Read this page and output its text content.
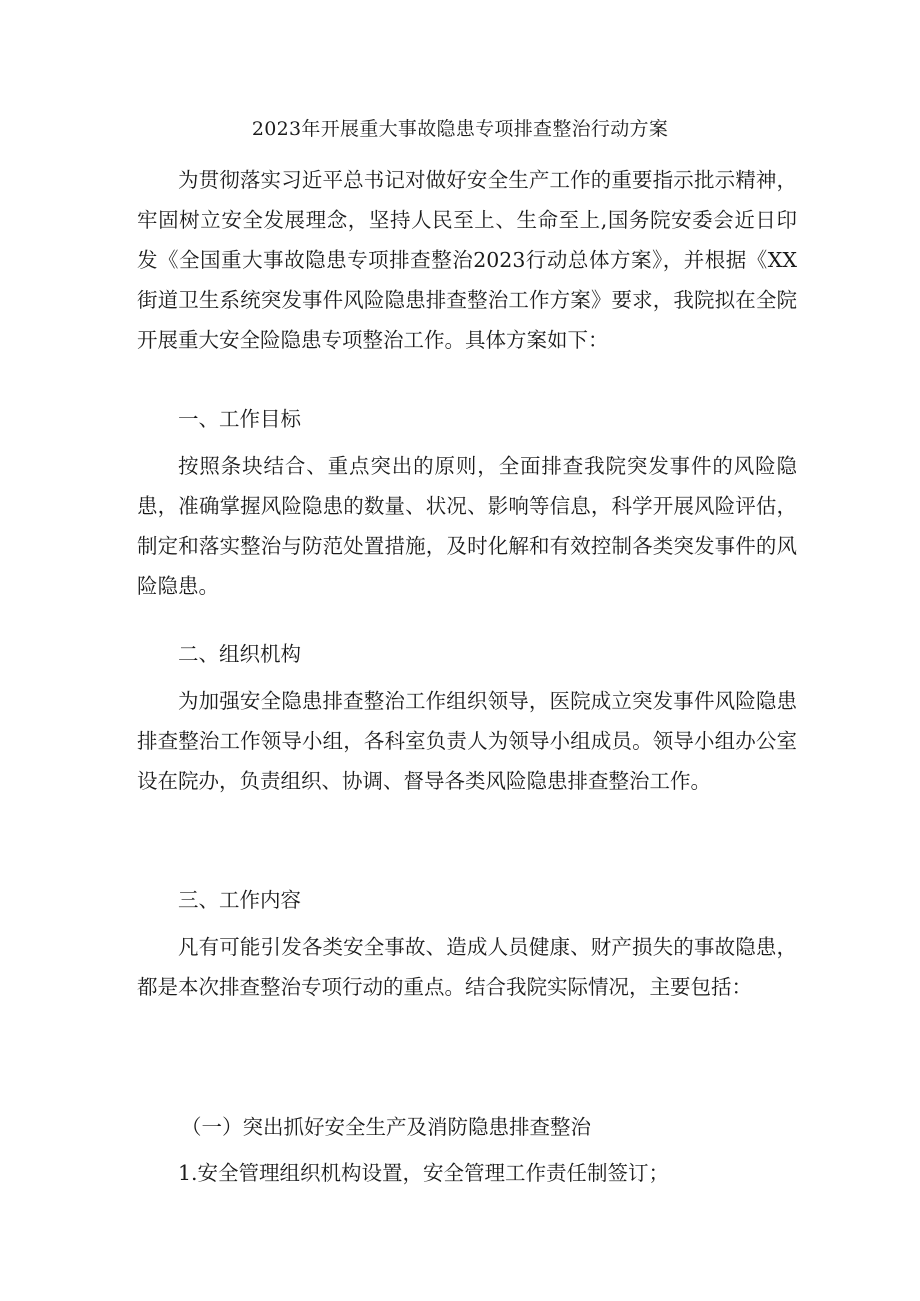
2023年开展重大事故隐患专项排查整治行动方案

为贯彻落实习近平总书记对做好安全生产工作的重要指示批示精神，牢固树立安全发展理念，坚持人民至上、生命至上,国务院安委会近日印发《全国重大事故隐患专项排查整治2023行动总体方案》，并根据《XX街道卫生系统突发事件风险隐患排查整治工作方案》要求，我院拟在全院开展重大安全险隐患专项整治工作。具体方案如下：

一、工作目标

按照条块结合、重点突出的原则，全面排查我院突发事件的风险隐患，准确掌握风险隐患的数量、状况、影响等信息，科学开展风险评估，制定和落实整治与防范处置措施，及时化解和有效控制各类突发事件的风险隐患。

二、组织机构

为加强安全隐患排查整治工作组织领导，医院成立突发事件风险隐患排查整治工作领导小组，各科室负责人为领导小组成员。领导小组办公室设在院办，负责组织、协调、督导各类风险隐患排查整治工作。

三、工作内容

凡有可能引发各类安全事故、造成人员健康、财产损失的事故隐患，都是本次排查整治专项行动的重点。结合我院实际情况，主要包括：

（一）突出抓好安全生产及消防隐患排查整治

1.安全管理组织机构设置，安全管理工作责任制签订；
